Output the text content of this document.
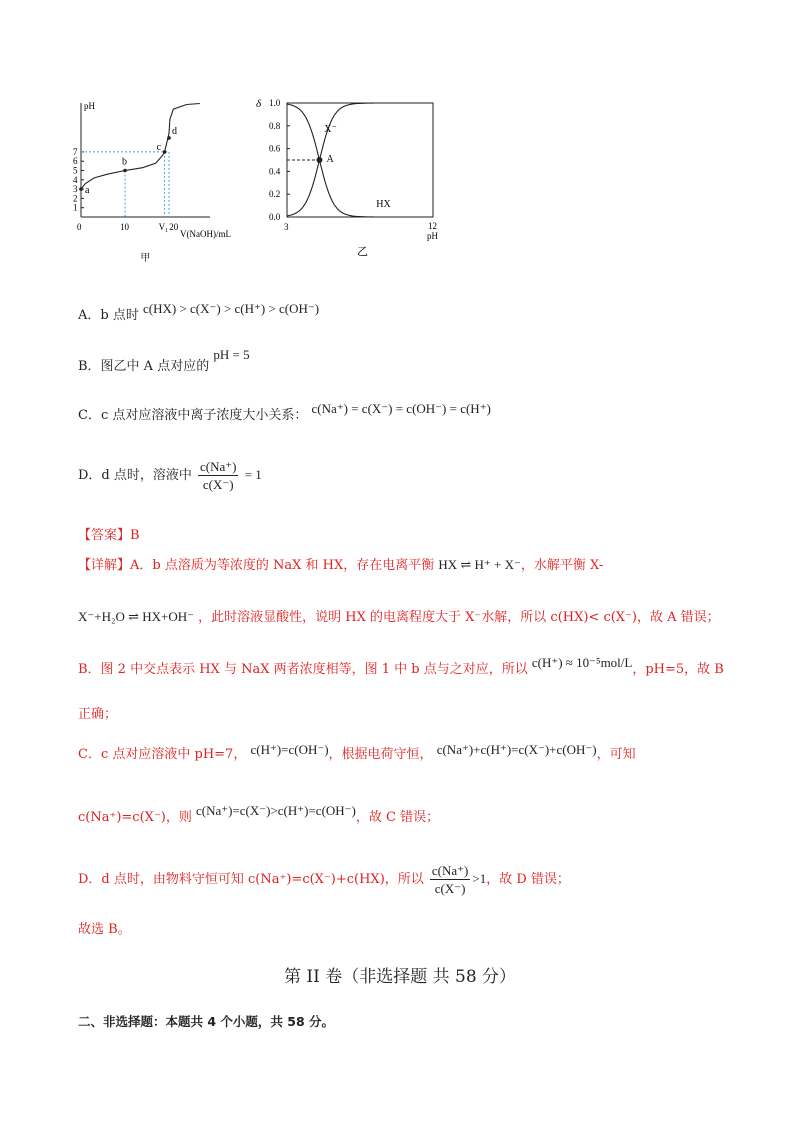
pH
1
2
3
4
5
6
7
0	10	V₁ 20
V(NaOH)/mL
甲
a
b
c
d
δ
0.0
0.2
0.4
0.6
0.8
1.0
3	12
pH
乙
X⁻
HX
A
A．b 点时 c(HX) > c(X⁻) > c(H⁺) > c(OH⁻)
B．图乙中 A 点对应的 pH = 5
C．c 点对应溶液中离子浓度大小关系： c(Na⁺) = c(X⁻) = c(OH⁻) = c(H⁺)
D．d 点时，溶液中 $\frac{c(Na^+)}{c(X^-)} = 1$
【答案】B
【详解】A．b 点溶质为等浓度的 NaX 和 HX，存在电离平衡 HX ⇌ H⁺ + X⁻，水解平衡 X-
X⁻+H₂O ⇌ HX+OH⁻ ，此时溶液显酸性，说明 HX 的电离程度大于 X⁻水解，所以 c(HX)< c(X⁻)，故 A 错误；
B．图 2 中交点表示 HX 与 NaX 两者浓度相等，图 1 中 b 点与之对应，所以 c(H⁺) ≈ 10⁻⁵mol/L，pH=5，故 B
正确；
C．c 点对应溶液中 pH=7， c(H⁺)=c(OH⁻)，根据电荷守恒， c(Na⁺)+c(H⁺)=c(X⁻)+c(OH⁻)，可知
c(Na⁺)=c(X⁻)，则 c(Na⁺)=c(X⁻)>c(H⁺)=c(OH⁻)，故 C 错误；
D．d 点时，由物料守恒可知 c(Na⁺)=c(X⁻)+c(HX)，所以 $\frac{c(Na^+)}{c(X^-)} >1$，故 D 错误；
故选 B。
第 II 卷（非选择题 共 58 分）
二、非选择题：本题共 4 个小题，共 58 分。
